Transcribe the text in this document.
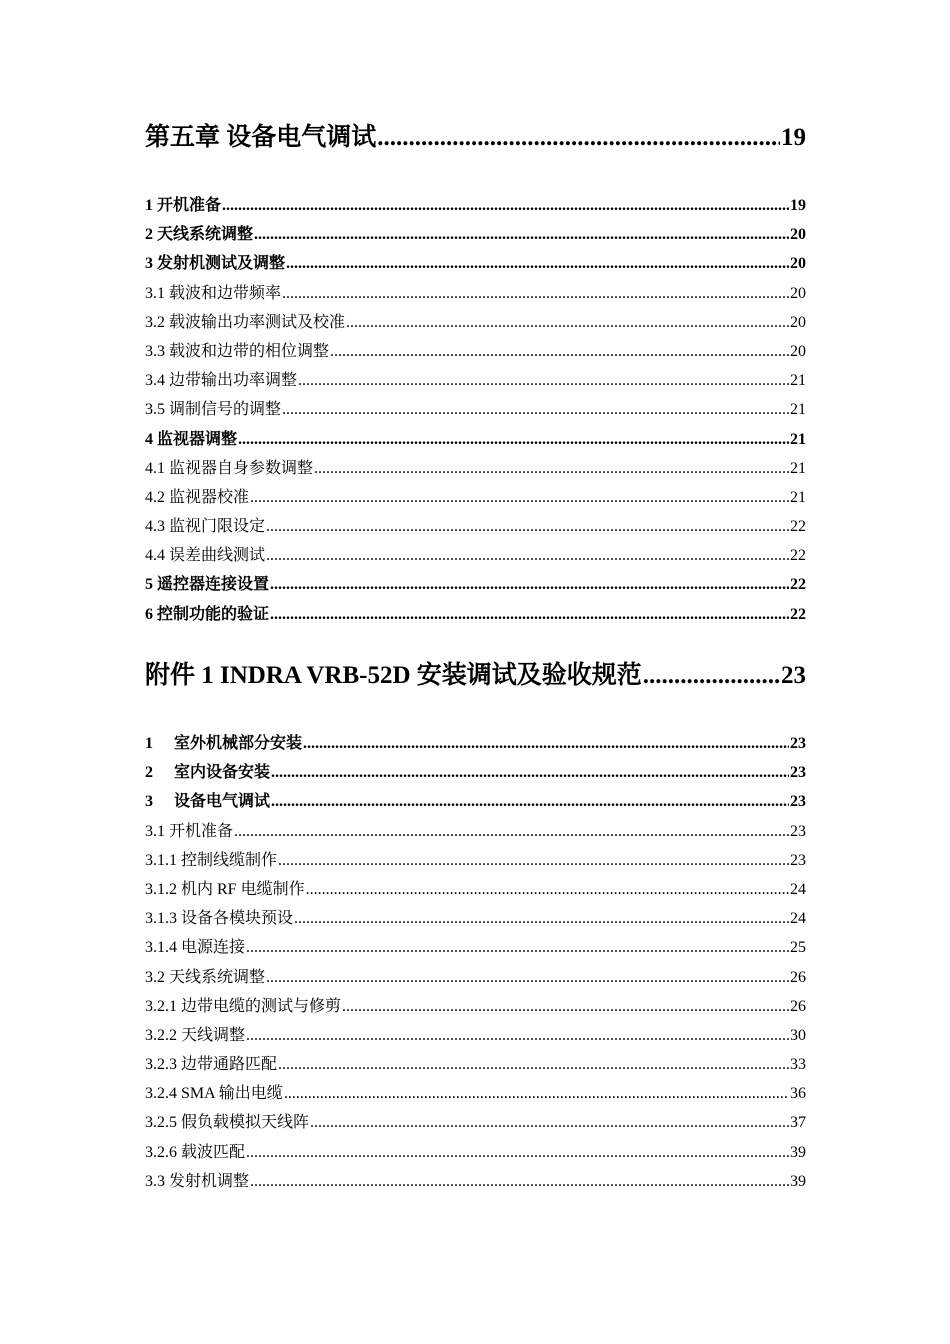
第五章 设备电气调试 .....	19
1 开机准备 .....	19
2 天线系统调整 .....	20
3 发射机测试及调整 .....	20
3.1 载波和边带频率 .....	20
3.2 载波输出功率测试及校准 .....	20
3.3 载波和边带的相位调整 .....	20
3.4 边带输出功率调整 .....	21
3.5 调制信号的调整 .....	21
4 监视器调整 .....	21
4.1 监视器自身参数调整 .....	21
4.2 监视器校准 .....	21
4.3 监视门限设定 .....	22
4.4 误差曲线测试 .....	22
5 遥控器连接设置 .....	22
6 控制功能的验证 .....	22
附件 1 INDRA VRB-52D 安装调试及验收规范 .....	23
1 室外机械部分安装 .....	23
2 室内设备安装 .....	23
3 设备电气调试 .....	23
3.1 开机准备 .....	23
3.1.1 控制线缆制作 .....	23
3.1.2 机内 RF 电缆制作 .....	24
3.1.3 设备各模块预设 .....	24
3.1.4 电源连接 .....	25
3.2 天线系统调整 .....	26
3.2.1 边带电缆的测试与修剪 .....	26
3.2.2 天线调整 .....	30
3.2.3 边带通路匹配 .....	33
3.2.4 SMA 输出电缆 .....	36
3.2.5 假负载模拟天线阵 .....	37
3.2.6 载波匹配 .....	39
3.3 发射机调整 .....	39
